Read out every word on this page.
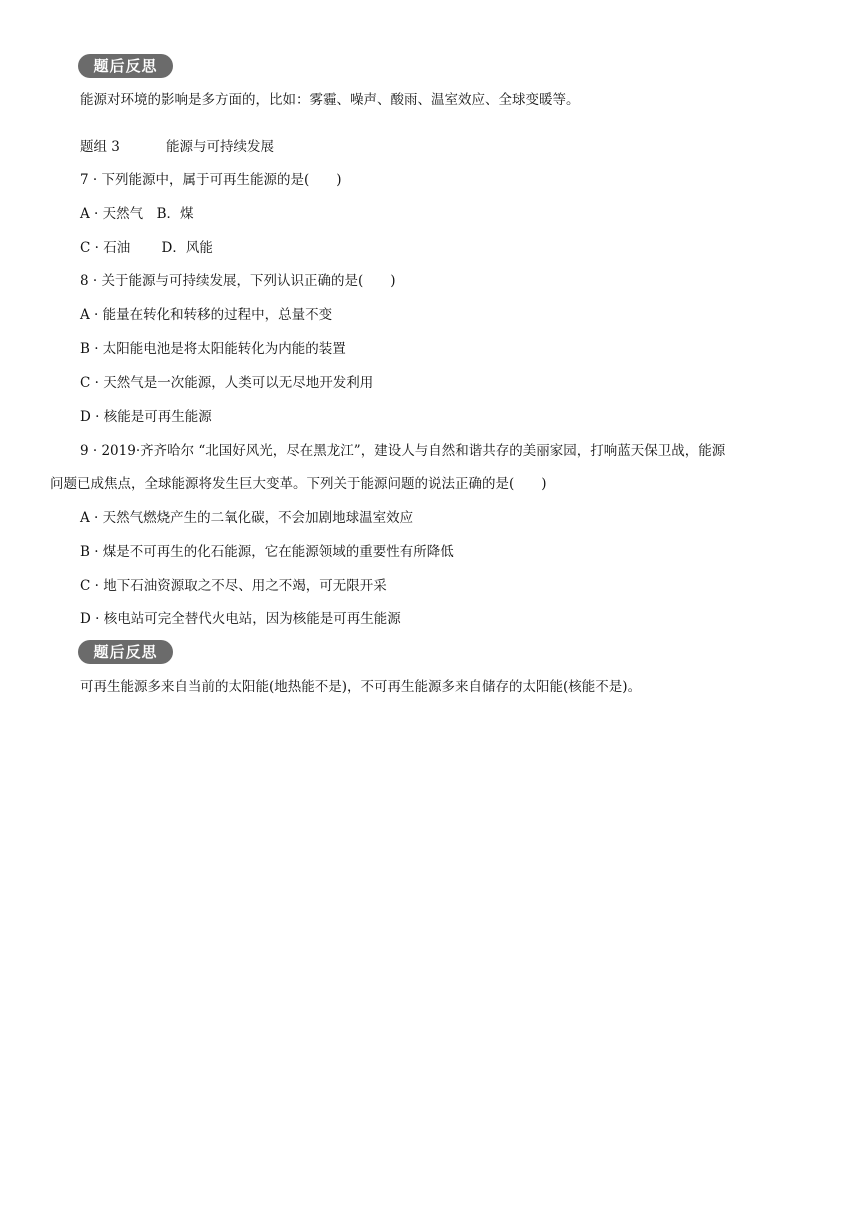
题后反思
能源对环境的影响是多方面的，比如：雾霾、噪声、酸雨、温室效应、全球变暖等。
题组 3	能源与可持续发展
7 · 下列能源中，属于可再生能源的是(　　)
A · 天然气　B．煤
C · 石油　　 D．风能
8 · 关于能源与可持续发展，下列认识正确的是(　　)
A · 能量在转化和转移的过程中，总量不变
B · 太阳能电池是将太阳能转化为内能的装置
C · 天然气是一次能源，人类可以无尽地开发利用
D · 核能是可再生能源
9 · 2019·齐齐哈尔 “北国好风光，尽在黑龙江”，建设人与自然和谐共存的美丽家园，打响蓝天保卫战，能源
问题已成焦点，全球能源将发生巨大变革。下列关于能源问题的说法正确的是(　　)
A · 天然气燃烧产生的二氧化碳，不会加剧地球温室效应
B · 煤是不可再生的化石能源，它在能源领域的重要性有所降低
C · 地下石油资源取之不尽、用之不竭，可无限开采
D · 核电站可完全替代火电站，因为核能是可再生能源
题后反思
可再生能源多来自当前的太阳能(地热能不是)，不可再生能源多来自储存的太阳能(核能不是)。
